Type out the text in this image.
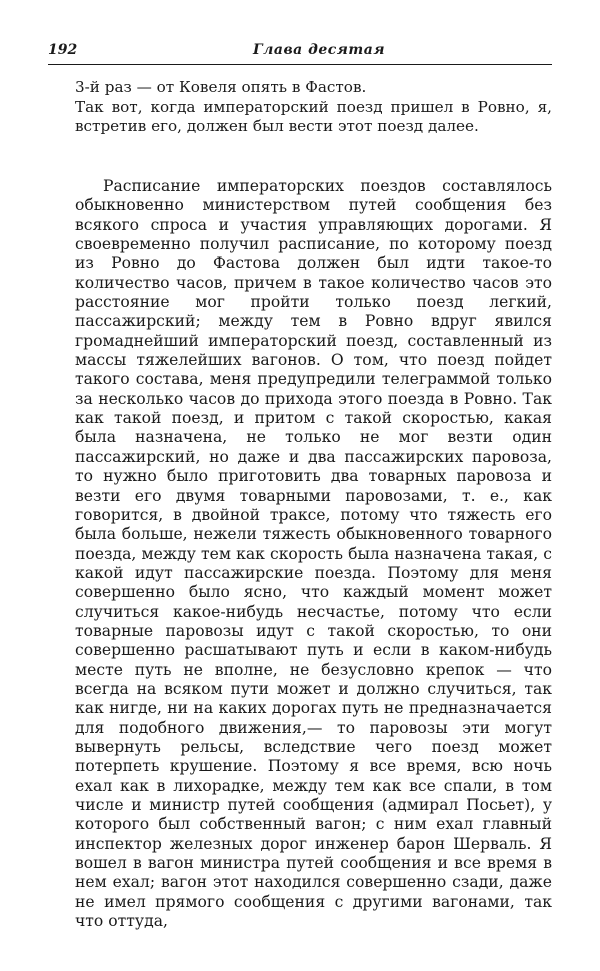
192	Глава десятая

3-й раз — от Ковеля опять в Фастов.

Так вот, когда императорский поезд пришел в Ровно, я, встретив его, должен был вести этот поезд далее.

Расписание императорских поездов составлялось обыкновенно министерством путей сообщения без всякого спроса и участия управляющих дорогами. Я своевременно получил расписание, по которому поезд из Ровно до Фастова должен был идти такое-то количество часов, причем в такое количество часов это расстояние мог пройти только поезд легкий, пассажирский; между тем в Ровно вдруг явился громаднейший императорский поезд, составленный из массы тяжелейших вагонов. О том, что поезд пойдет такого состава, меня предупредили телеграммой только за несколько часов до прихода этого поезда в Ровно. Так как такой поезд, и притом с такой скоростью, какая была назначена, не только не мог везти один пассажирский, но даже и два пассажирских паровоза, то нужно было приготовить два товарных паровоза и везти его двумя товарными паровозами, т. е., как говорится, в двойной траксе, потому что тяжесть его была больше, нежели тяжесть обыкновенного товарного поезда, между тем как скорость была назначена такая, с какой идут пассажирские поезда. Поэтому для меня совершенно было ясно, что каждый момент может случиться какое-нибудь несчастье, потому что если товарные паровозы идут с такой скоростью, то они совершенно расшатывают путь и если в каком-нибудь месте путь не вполне, не безусловно крепок — что всегда на всяком пути может и должно случиться, так как нигде, ни на каких дорогах путь не предназначается для подобного движения,— то паровозы эти могут вывернуть рельсы, вследствие чего поезд может потерпеть крушение. Поэтому я все время, всю ночь ехал как в лихорадке, между тем как все спали, в том числе и министр путей сообщения (адмирал Посьет), у которого был собственный вагон; с ним ехал главный инспектор железных дорог инженер барон Шерваль. Я вошел в вагон министра путей сообщения и все время в нем ехал; вагон этот находился совершенно сзади, даже не имел прямого сообщения с другими вагонами, так что оттуда,
